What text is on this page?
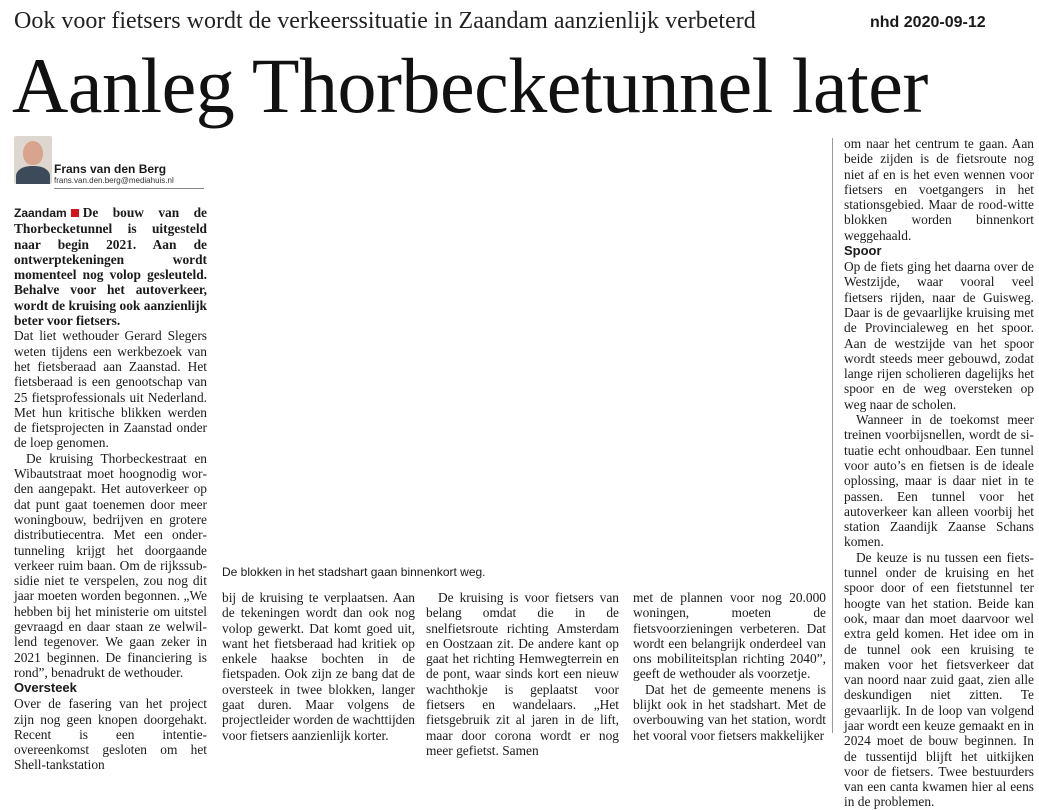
Ook voor fietsers wordt de verkeerssituatie in Zaandam aanzienlijk verbeterd	nhd 2020-09-12
Aanleg Thorbecketunnel later
Frans van den Berg
frans.van.den.berg@mediahuis.nl

Zaandam De bouw van de Thorbecketunnel is uitgesteld naar begin 2021. Aan de ontwerptekeningen wordt momenteel nog volop gesleuteld. Behalve voor het autoverkeer, wordt de kruising ook aanzienlijk beter voor fietsers.

Dat liet wethouder Gerard Slegers weten tijdens een werkbezoek van het fietsberaad aan Zaanstad. Het fietsberaad is een genootschap van 25 fietsprofessionals uit Nederland. Met hun kritische blikken werden de fietsprojecten in Zaanstad onder de loep genomen.

De kruising Thorbeckestraat en Wibautstraat moet hoognodig worden aangepakt. Het autoverkeer op dat punt gaat toenemen door meer woningbouw, bedrijven en grotere distributiecentra. Met een ondertunneling krijgt het doorgaande verkeer ruim baan. Om de rijkssubsidie niet te verspelen, zou nog dit jaar moeten worden begonnen. „We hebben bij het ministerie om uitstel gevraagd en daar staan ze welwillend tegenover. We gaan zeker in 2021 beginnen. De financiering is rond”, benadrukt de wethouder.

Oversteek

Over de fasering van het project zijn nog geen knopen doorgehakt. Recent is een intentie-overeenkomst gesloten om het Shell-tankstation

De blokken in het stadshart gaan binnenkort weg.

bij de kruising te verplaatsen. Aan de tekeningen wordt dan ook nog volop gewerkt. Dat komt goed uit, want het fietsberaad had kritiek op enkele haakse bochten in de fietspaden. Ook zijn ze bang dat de oversteek in twee blokken, langer gaat duren. Maar volgens de projectleider worden de wachttijden voor fietsers aanzienlijk korter.

De kruising is voor fietsers van belang omdat die in de snelfietsroute richting Amsterdam en Oostzaan zit. De andere kant op gaat het richting Hemwegterrein en de pont, waar sinds kort een nieuw wachthokje is geplaatst voor fietsers en wandelaars. „Het fietsgebruik zit al jaren in de lift, maar door corona wordt er nog meer gefietst. Samen

met de plannen voor nog 20.000 woningen, moeten de fietsvoorzieningen verbeteren. Dat wordt een belangrijk onderdeel van ons mobiliteitsplan richting 2040”, geeft de wethouder als voorzetje.

Dat het de gemeente menens is blijkt ook in het stadshart. Met de overbouwing van het station, wordt het vooral voor fietsers makkelijker

om naar het centrum te gaan. Aan beide zijden is de fietsroute nog niet af en is het even wennen voor fietsers en voetgangers in het stationsgebied. Maar de rood-witte blokken worden binnenkort weggehaald.

Spoor

Op de fiets ging het daarna over de Westzijde, waar vooral veel fietsers rijden, naar de Guisweg. Daar is de gevaarlijke kruising met de Provincialeweg en het spoor. Aan de westzijde van het spoor wordt steeds meer gebouwd, zodat lange rijen scholieren dagelijks het spoor en de weg oversteken op weg naar de scholen.

Wanneer in de toekomst meer treinen voorbijsnellen, wordt de situatie echt onhoudbaar. Een tunnel voor auto’s en fietsen is de ideale oplossing, maar is daar niet in te passen. Een tunnel voor het autoverkeer kan alleen voorbij het station Zaandijk Zaanse Schans komen.

De keuze is nu tussen een fietstunnel onder de kruising en het spoor door of een fietstunnel ter hoogte van het station. Beide kan ook, maar dan moet daarvoor wel extra geld komen. Het idee om in de tunnel ook een kruising te maken voor het fietsverkeer dat van noord naar zuid gaat, zien alle deskundigen niet zitten. Te gevaarlijk. In de loop van volgend jaar wordt een keuze gemaakt en in 2024 moet de bouw beginnen. In de tussentijd blijft het uitkijken voor de fietsers. Twee bestuurders van een canta kwamen hier al eens in de problemen.
